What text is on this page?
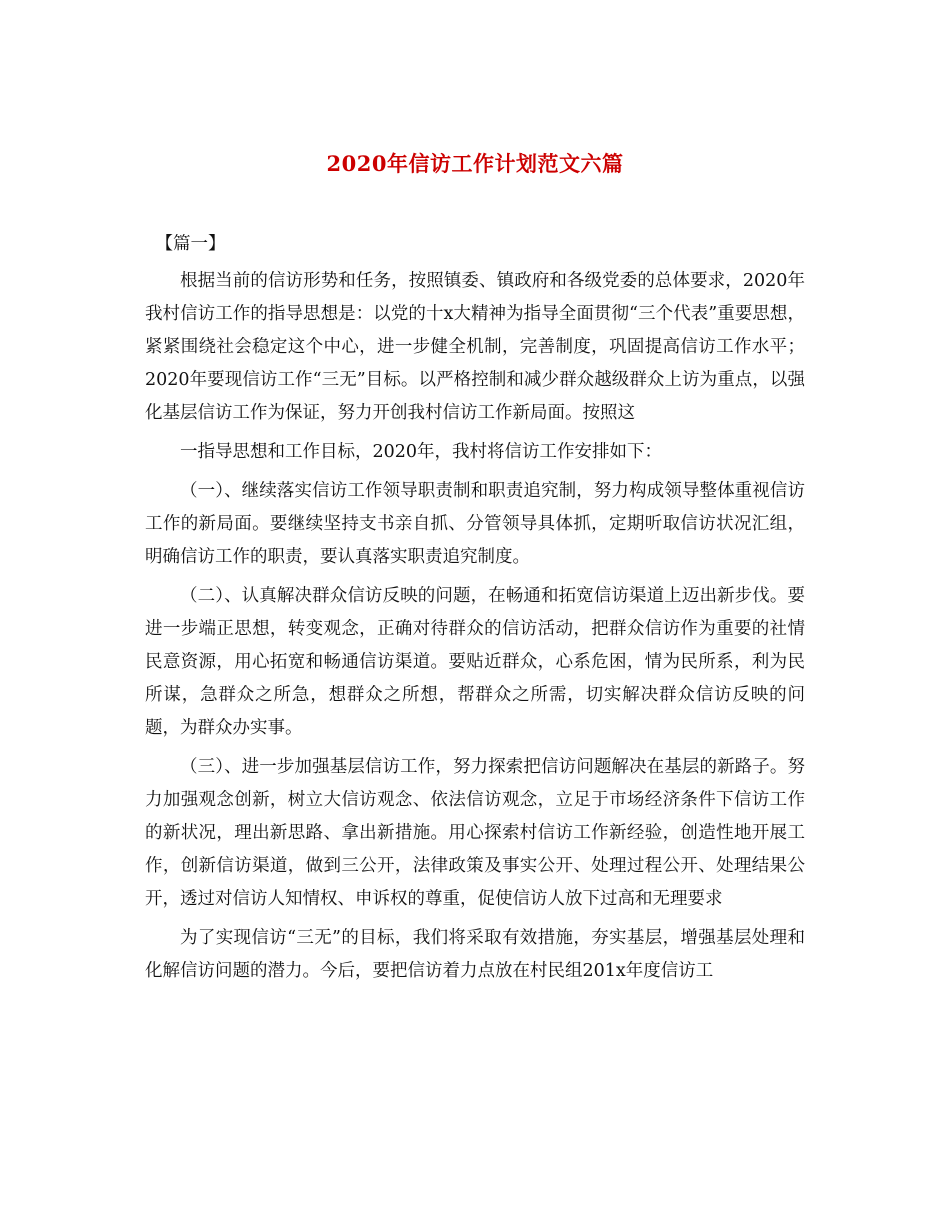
2020年信访工作计划范文六篇

【篇一】

根据当前的信访形势和任务，按照镇委、镇政府和各级党委的总体要求，2020年我村信访工作的指导思想是：以党的十x大精神为指导全面贯彻“三个代表”重要思想，紧紧围绕社会稳定这个中心，进一步健全机制，完善制度，巩固提高信访工作水平；2020年要现信访工作“三无”目标。以严格控制和减少群众越级群众上访为重点，以强化基层信访工作为保证，努力开创我村信访工作新局面。按照这

一指导思想和工作目标，2020年，我村将信访工作安排如下：

（一）、继续落实信访工作领导职责制和职责追究制，努力构成领导整体重视信访工作的新局面。要继续坚持支书亲自抓、分管领导具体抓，定期听取信访状况汇组，明确信访工作的职责，要认真落实职责追究制度。

（二）、认真解决群众信访反映的问题，在畅通和拓宽信访渠道上迈出新步伐。要进一步端正思想，转变观念，正确对待群众的信访活动，把群众信访作为重要的社情民意资源，用心拓宽和畅通信访渠道。要贴近群众，心系危困，情为民所系，利为民所谋，急群众之所急，想群众之所想，帮群众之所需，切实解决群众信访反映的问题，为群众办实事。

（三）、进一步加强基层信访工作，努力探索把信访问题解决在基层的新路子。努力加强观念创新，树立大信访观念、依法信访观念，立足于市场经济条件下信访工作的新状况，理出新思路、拿出新措施。用心探索村信访工作新经验，创造性地开展工作，创新信访渠道，做到三公开，法律政策及事实公开、处理过程公开、处理结果公开，透过对信访人知情权、申诉权的尊重，促使信访人放下过高和无理要求

为了实现信访“三无”的目标，我们将采取有效措施，夯实基层，增强基层处理和化解信访问题的潜力。今后，要把信访着力点放在村民组201x年度信访工
